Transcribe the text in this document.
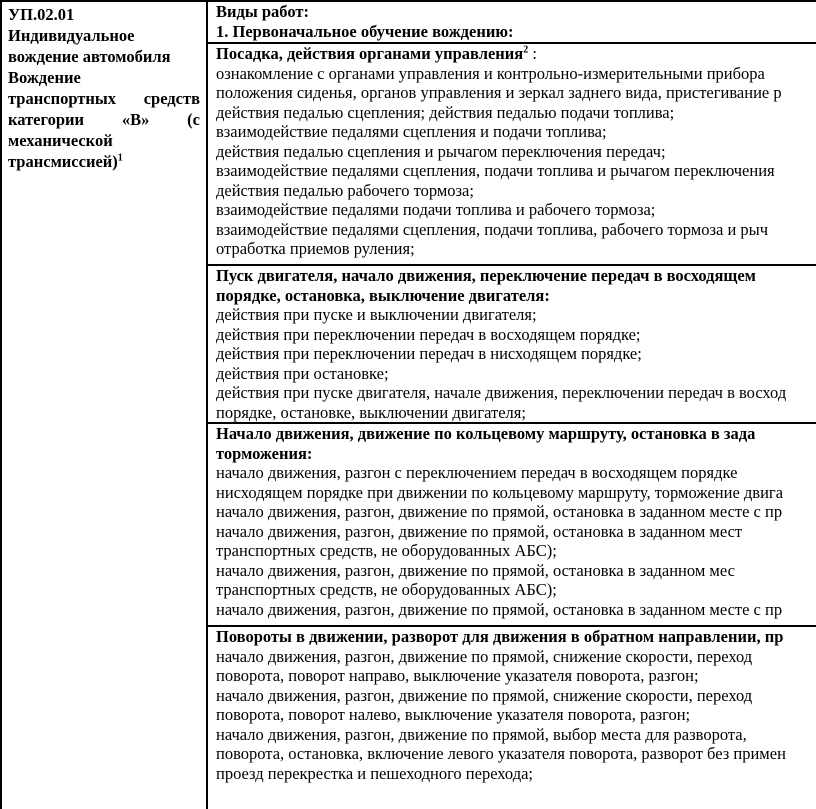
УП.02.01
Индивидуальное
вождение автомобиля
Вождение
транспортных средств
категории «В» (с
механической
трансмиссией)$^1$
Виды работ:
1. Первоначальное обучение вождению:
Посадка, действия органами управления$^2$ :
ознакомление с органами управления и контрольно-измерительными прибора
положения сиденья, органов управления и зеркал заднего вида, пристегивание р
действия педалью сцепления; действия педалью подачи топлива;
взаимодействие педалями сцепления и подачи топлива;
действия педалью сцепления и рычагом переключения передач;
взаимодействие педалями сцепления, подачи топлива и рычагом переключения
действия педалью рабочего тормоза;
взаимодействие педалями подачи топлива и рабочего тормоза;
взаимодействие педалями сцепления, подачи топлива, рабочего тормоза и рыч
отработка приемов руления;
Пуск двигателя, начало движения, переключение передач в восходящем
порядке, остановка, выключение двигателя:
действия при пуске и выключении двигателя;
действия при переключении передач в восходящем порядке;
действия при переключении передач в нисходящем порядке;
действия при остановке;
действия при пуске двигателя, начале движения, переключении передач в восход
порядке, остановке, выключении двигателя;
Начало движения, движение по кольцевому маршруту, остановка в зада
торможения:
начало движения, разгон с переключением передач в восходящем порядке
нисходящем порядке при движении по кольцевому маршруту, торможение двига
начало движения, разгон, движение по прямой, остановка в заданном месте с пр
начало движения, разгон, движение по прямой, остановка в заданном мест
транспортных средств, не оборудованных АБС);
начало движения, разгон, движение по прямой, остановка в заданном мес
транспортных средств, не оборудованных АБС);
начало движения, разгон, движение по прямой, остановка в заданном месте с пр
Повороты в движении, разворот для движения в обратном направлении, пр
начало движения, разгон, движение по прямой, снижение скорости, переход
поворота, поворот направо, выключение указателя поворота, разгон;
начало движения, разгон, движение по прямой, снижение скорости, переход
поворота, поворот налево, выключение указателя поворота, разгон;
начало движения, разгон, движение по прямой, выбор места для разворота,
поворота, остановка, включение левого указателя поворота, разворот без примен
проезд перекрестка и пешеходного перехода;
